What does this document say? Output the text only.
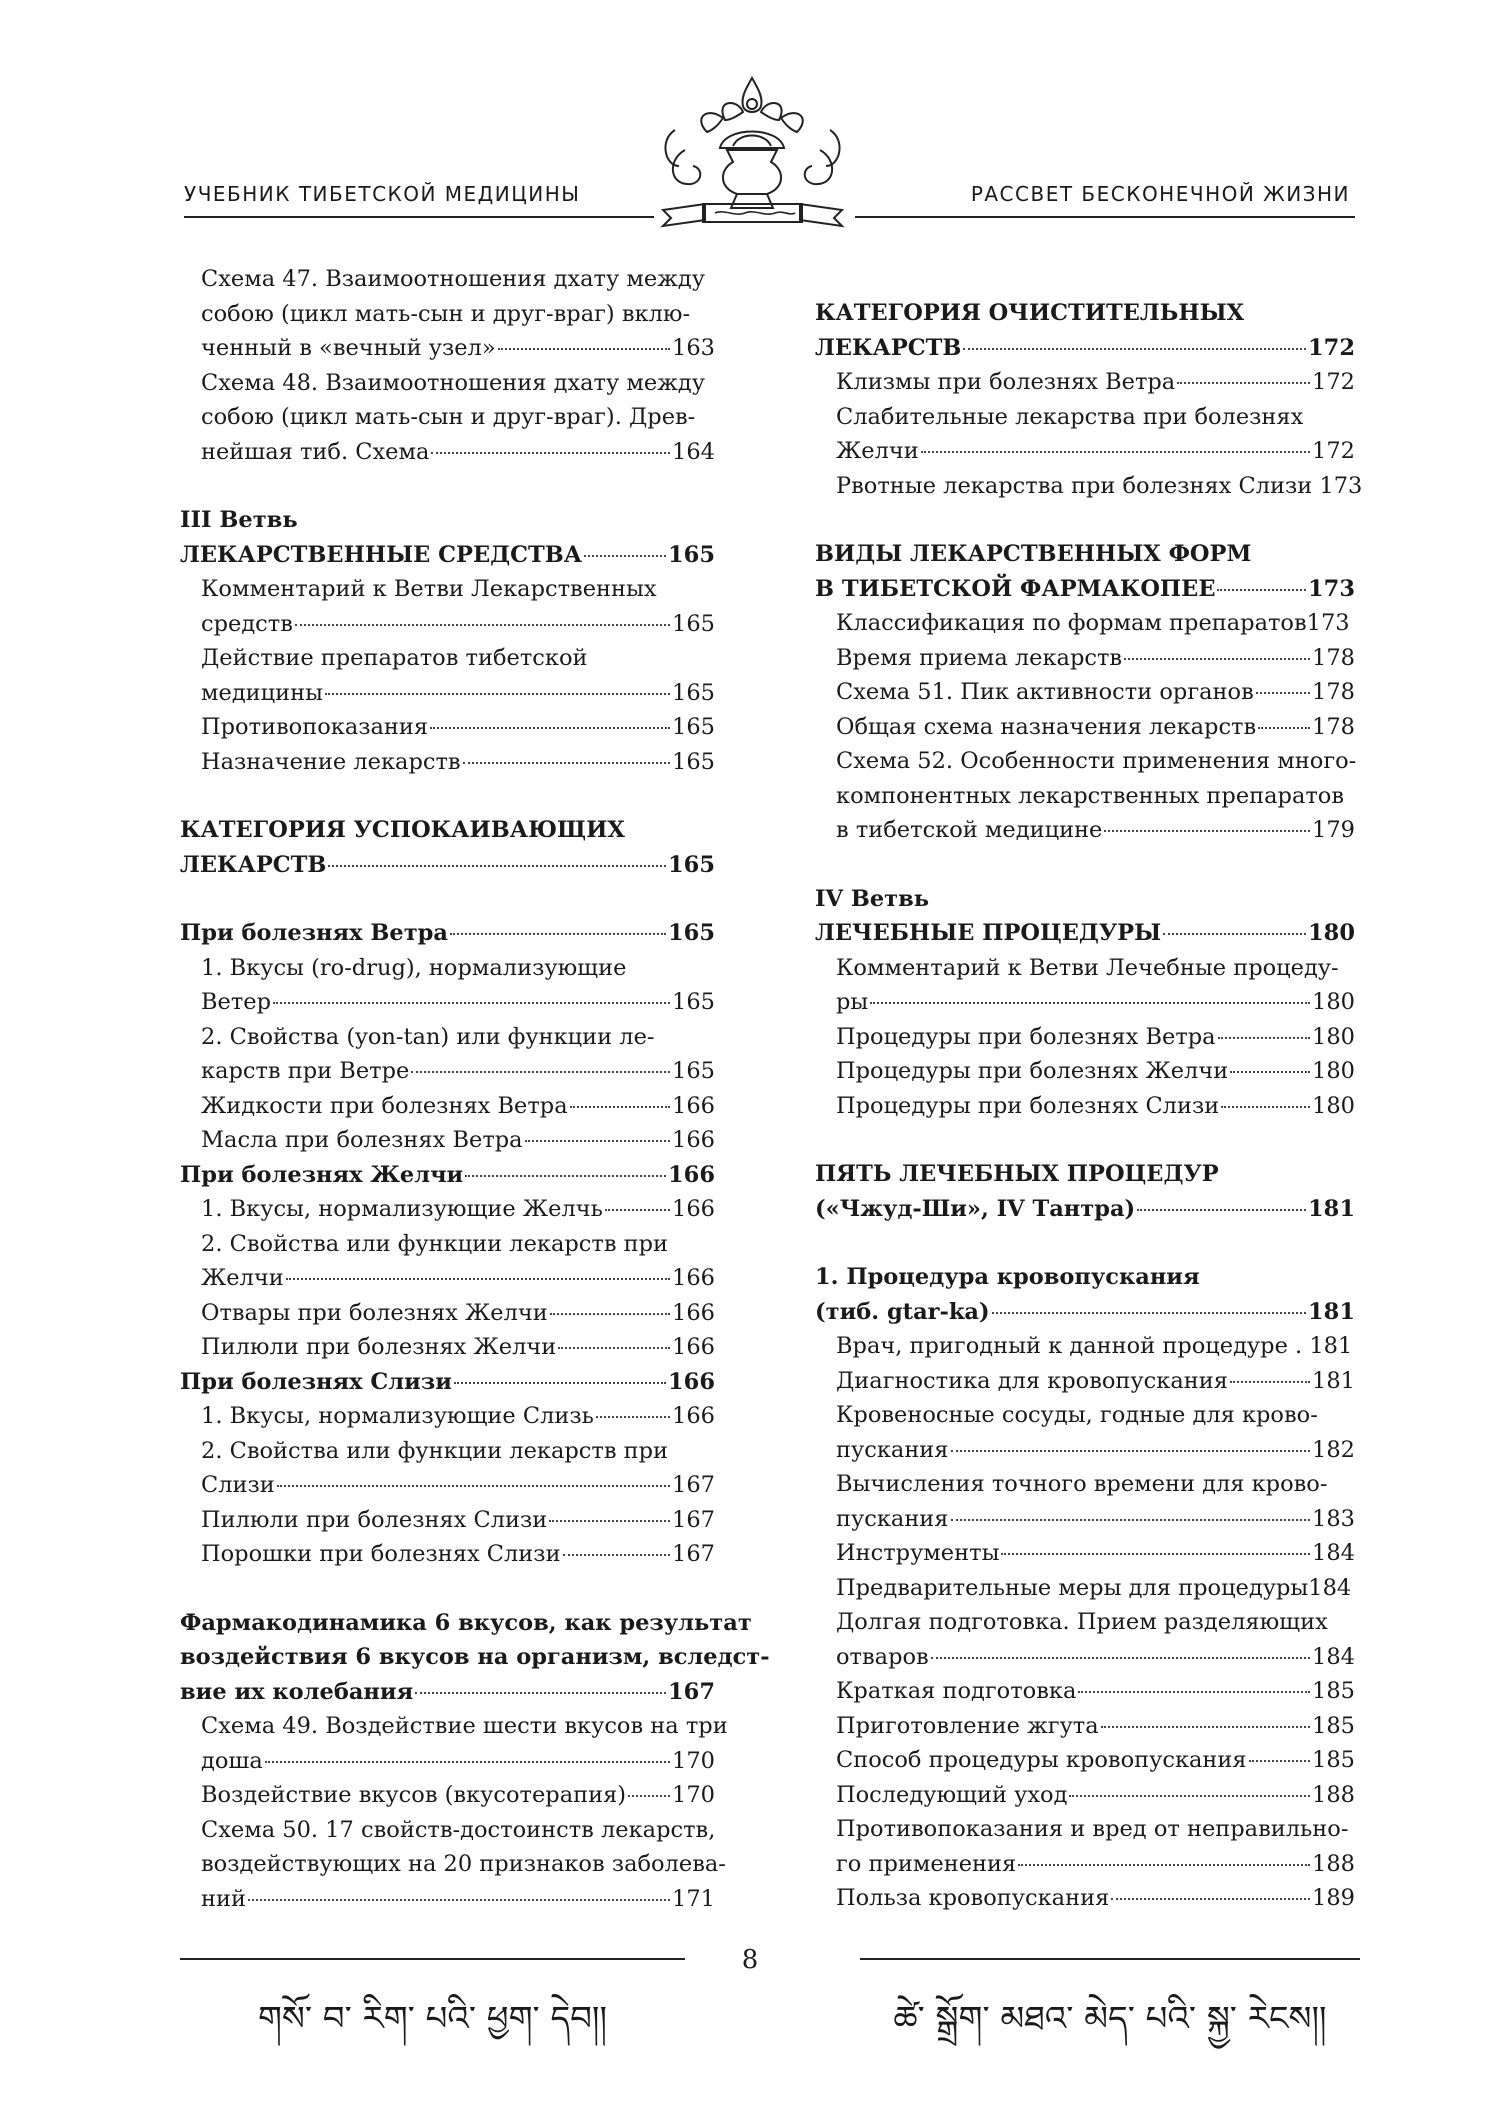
УЧЕБНИК ТИБЕТСКОЙ МЕДИЦИНЫ	РАССВЕТ БЕСКОНЕЧНОЙ ЖИЗНИ
Схема 47. Взаимоотношения дхату между
собою (цикл мать-сын и друг-враг) вклю-
ченный в «вечный узел»	163
Схема 48. Взаимоотношения дхату между
собою (цикл мать-сын и друг-враг). Древ-
нейшая тиб. Схема	164
III Ветвь
ЛЕКАРСТВЕННЫЕ СРЕДСТВА	165
Комментарий к Ветви Лекарственных
средств	165
Действие препаратов тибетской
медицины	165
Противопоказания	165
Назначение лекарств	165
КАТЕГОРИЯ УСПОКАИВАЮЩИХ
ЛЕКАРСТВ	165
При болезнях Ветра	165
1. Вкусы (ro-drug), нормализующие
Ветер	165
2. Свойства (yon-tan) или функции ле-
карств при Ветре	165
Жидкости при болезнях Ветра	166
Масла при болезнях Ветра	166
При болезнях Желчи	166
1. Вкусы, нормализующие Желчь	166
2. Свойства или функции лекарств при
Желчи	166
Отвары при болезнях Желчи	166
Пилюли при болезнях Желчи	166
При болезнях Слизи	166
1. Вкусы, нормализующие Слизь	166
2. Свойства или функции лекарств при
Слизи	167
Пилюли при болезнях Слизи	167
Порошки при болезнях Слизи	167
Фармакодинамика 6 вкусов, как результат
воздействия 6 вкусов на организм, вследст-
вие их колебания	167
Схема 49. Воздействие шести вкусов на три
доша	170
Воздействие вкусов (вкусотерапия) 170
Схема 50. 17 свойств-достоинств лекарств,
воздействующих на 20 признаков заболева-
ний	171
КАТЕГОРИЯ ОЧИСТИТЕЛЬНЫХ
ЛЕКАРСТВ	172
Клизмы при болезнях Ветра	172
Слабительные лекарства при болезнях
Желчи	172
Рвотные лекарства при болезнях Слизи 173
ВИДЫ ЛЕКАРСТВЕННЫХ ФОРМ
В ТИБЕТСКОЙ ФАРМАКОПЕЕ	173
Классификация по формам препаратов173
Время приема лекарств	178
Схема 51. Пик активности органов	178
Общая схема назначения лекарств 178
Схема 52. Особенности применения много-
компонентных лекарственных препаратов
в тибетской медицине	179
IV Ветвь
ЛЕЧЕБНЫЕ ПРОЦЕДУРЫ	180
Комментарий к Ветви Лечебные процеду-
ры	180
Процедуры при болезнях Ветра	180
Процедуры при болезнях Желчи	180
Процедуры при болезнях Слизи	180
ПЯТЬ ЛЕЧЕБНЫХ ПРОЦЕДУР
(«Чжуд-Ши», IV Тантра)	181
1. Процедура кровопускания
(тиб. gtar-ka)	181
Врач, пригодный к данной процедуре . 181
Диагностика для кровопускания	181
Кровеносные сосуды, годные для крово-
пускания	182
Вычисления точного времени для крово-
пускания	183
Инструменты	184
Предварительные меры для процедуры184
Долгая подготовка. Прием разделяющих
отваров	184
Краткая подготовка	185
Приготовление жгута	185
Способ процедуры кровопускания	185
Последующий уход	188
Противопоказания и вред от неправильно-
го применения	188
Польза кровопускания	189
8
གསོ་ བ་ རིག་ པའི་ ཕྱག་ དེབ།།	ཚེ་ སྒྲོག་ མཐའ་ མེད་ པའི་ སྐྱ་ རེངས།།
